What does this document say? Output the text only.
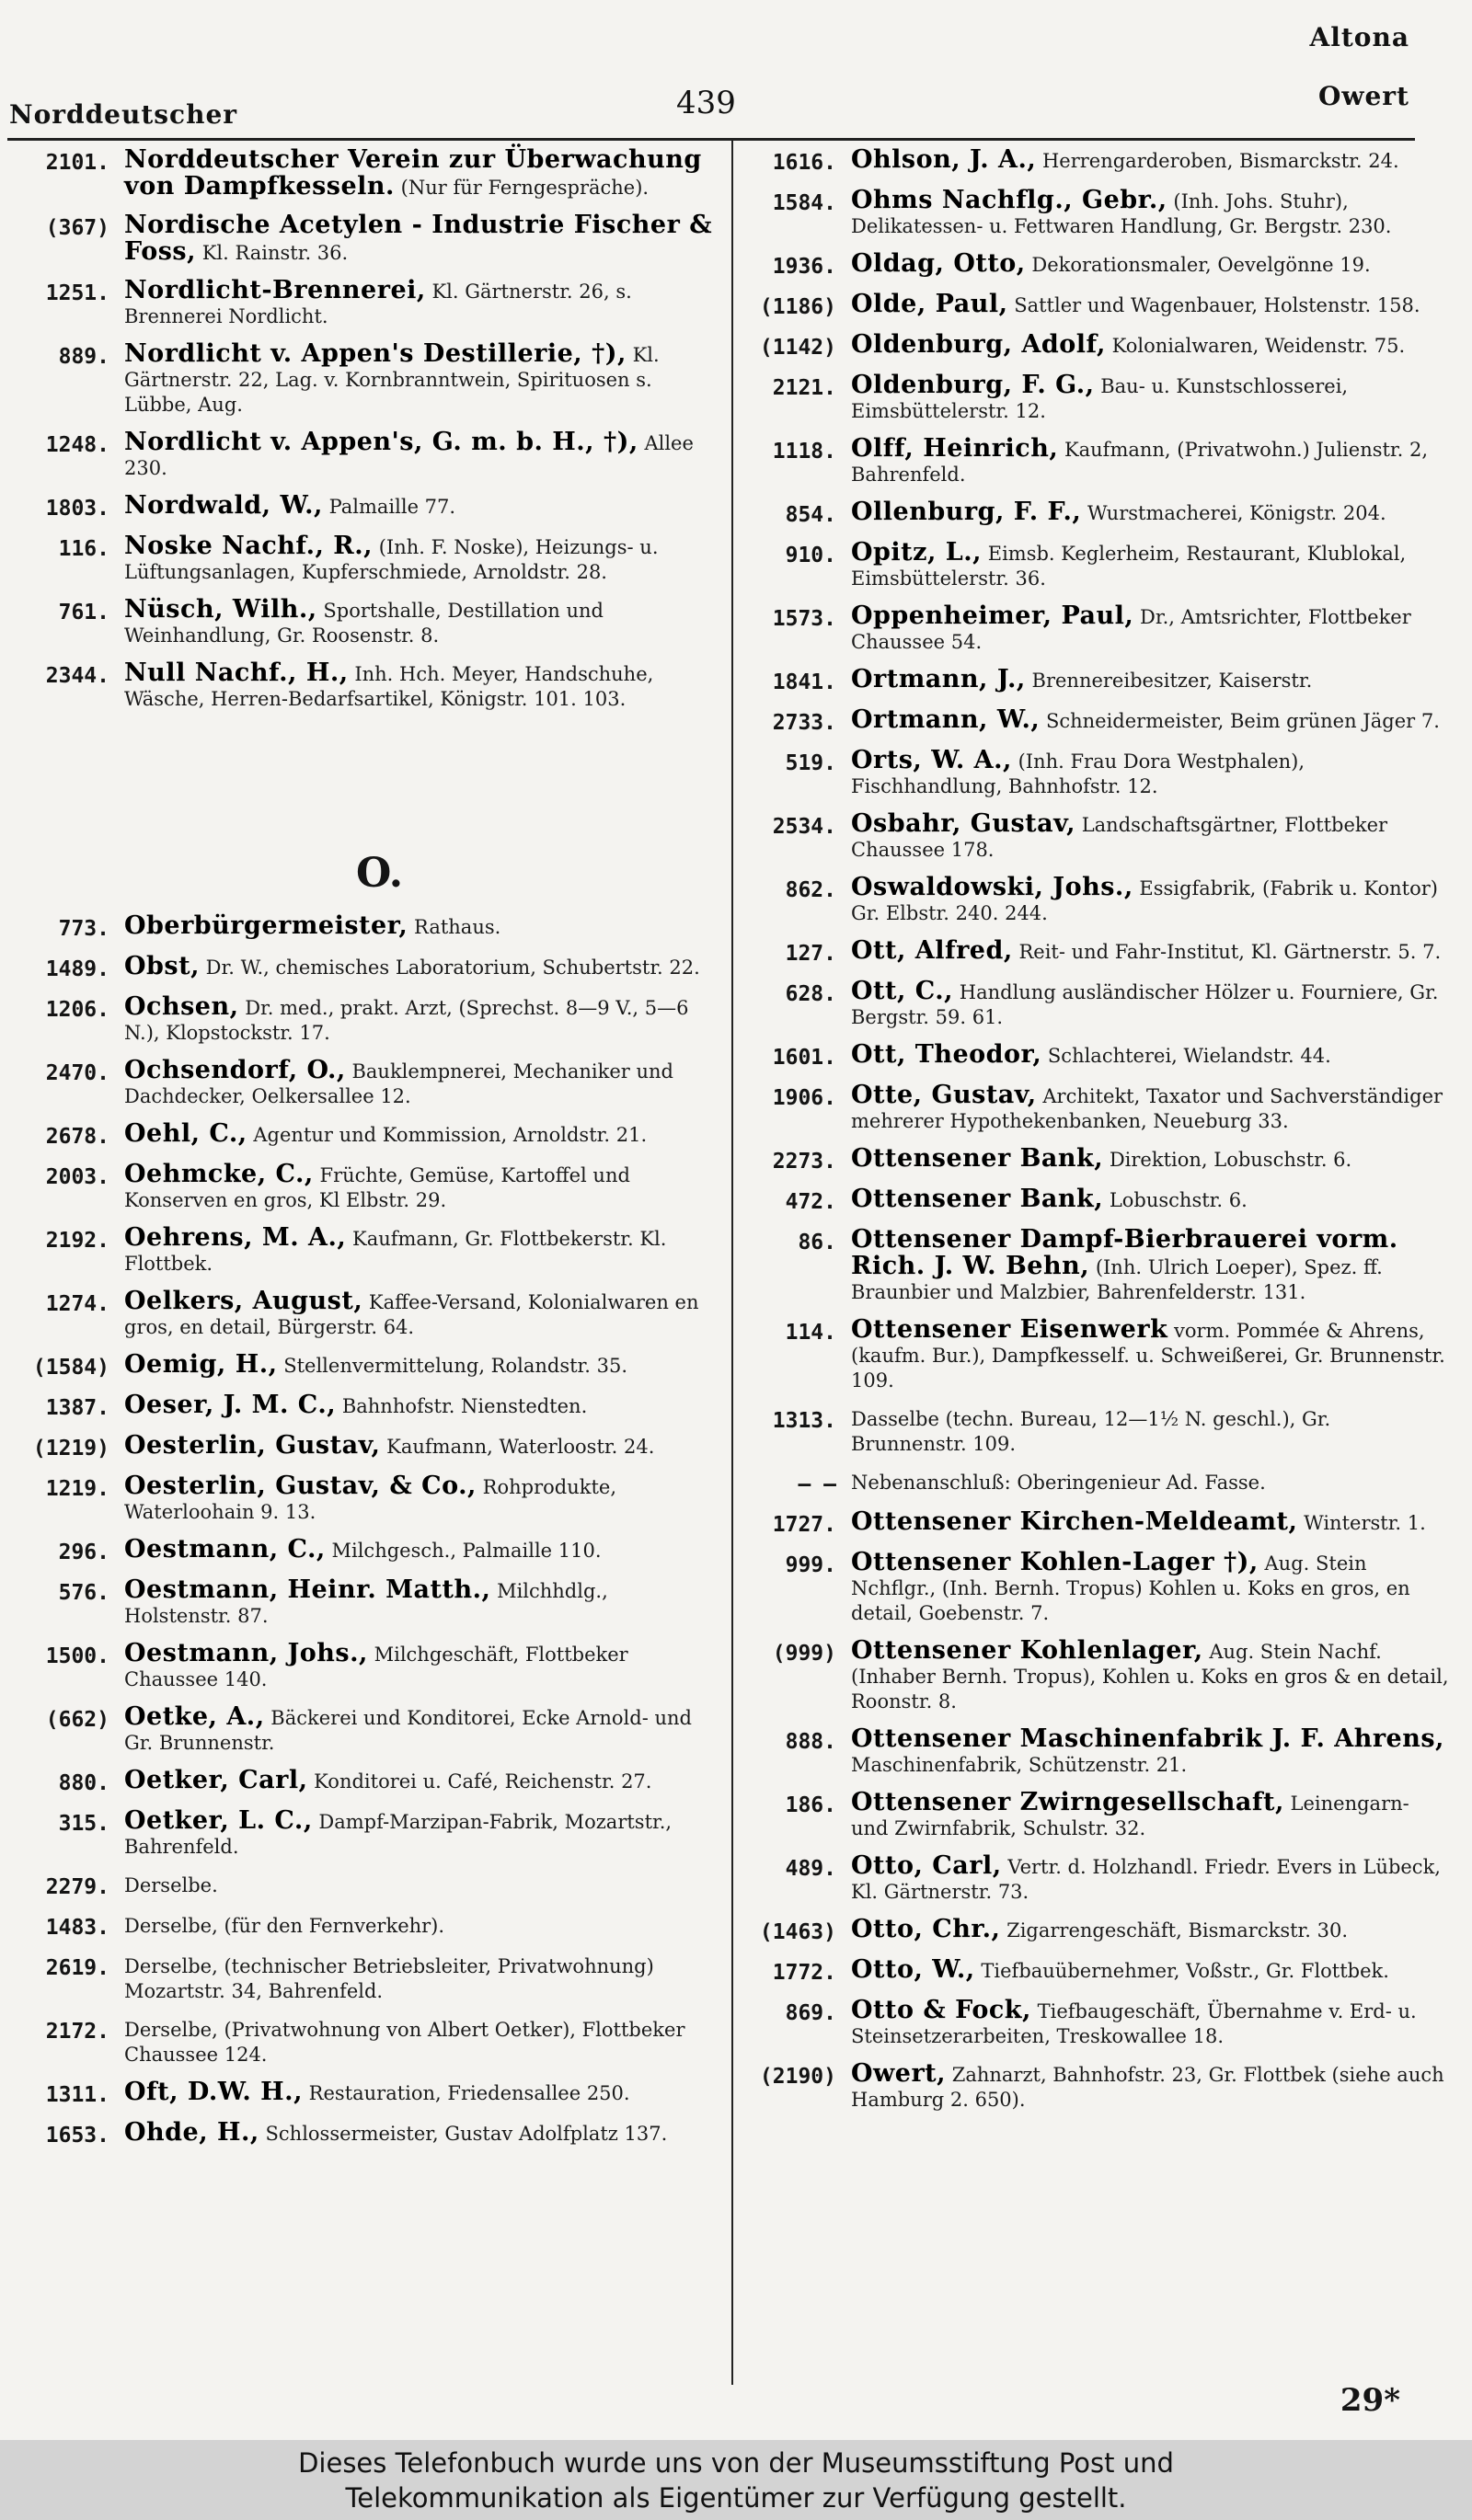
Norddeutscher	439
Altona
Owert
2101. Norddeutscher Verein zur Überwachung von Dampfkesseln. (Nur für Ferngespräche).
(367) Nordische Acetylen - Industrie Fischer & Foss, Kl. Rainstr. 36.
1251. Nordlicht-Brennerei, Kl. Gärtnerstr. 26, s. Brennerei Nordlicht.
889. Nordlicht v. Appen's Destillerie, †), Kl. Gärtnerstr. 22, Lag. v. Kornbranntwein, Spirituosen s. Lübbe, Aug.
1248. Nordlicht v. Appen's, G. m. b. H., †), Allee 230.
1803. Nordwald, W., Palmaille 77.
116. Noske Nachf., R., (Inh. F. Noske), Heizungs- u. Lüftungsanlagen, Kupferschmiede, Arnoldstr. 28.
761. Nüsch, Wilh., Sportshalle, Destillation und Weinhandlung, Gr. Roosenstr. 8.
2344. Null Nachf., H., Inh. Hch. Meyer, Handschuhe, Wäsche, Herren-Bedarfsartikel, Königstr. 101. 103.
O.
773. Oberbürgermeister, Rathaus.
1489. Obst, Dr. W., chemisches Laboratorium, Schubertstr. 22.
1206. Ochsen, Dr. med., prakt. Arzt, (Sprechst. 8—9 V., 5—6 N.), Klopstockstr. 17.
2470. Ochsendorf, O., Bauklempnerei, Mechaniker und Dachdecker, Oelkersallee 12.
2678. Oehl, C., Agentur und Kommission, Arnoldstr. 21.
2003. Oehmcke, C., Früchte, Gemüse, Kartoffel und Konserven en gros, Kl Elbstr. 29.
2192. Oehrens, M. A., Kaufmann, Gr. Flottbekerstr. Kl. Flottbek.
1274. Oelkers, August, Kaffee-Versand, Kolonialwaren en gros, en detail, Bürgerstr. 64.
(1584) Oemig, H., Stellenvermittelung, Rolandstr. 35.
1387. Oeser, J. M. C., Bahnhofstr. Nienstedten.
(1219) Oesterlin, Gustav, Kaufmann, Waterloostr. 24.
1219. Oesterlin, Gustav, & Co., Rohprodukte, Waterloohain 9. 13.
296. Oestmann, C., Milchgesch., Palmaille 110.
576. Oestmann, Heinr. Matth., Milchhdlg., Holstenstr. 87.
1500. Oestmann, Johs., Milchgeschäft, Flottbeker Chaussee 140.
(662) Oetke, A., Bäckerei und Konditorei, Ecke Arnold- und Gr. Brunnenstr.
880. Oetker, Carl, Konditorei u. Café, Reichenstr. 27.
315. Oetker, L. C., Dampf-Marzipan-Fabrik, Mozartstr., Bahrenfeld.
2279. Derselbe.
1483. Derselbe, (für den Fernverkehr).
2619. Derselbe, (technischer Betriebsleiter, Privatwohnung) Mozartstr. 34, Bahrenfeld.
2172. Derselbe, (Privatwohnung von Albert Oetker), Flottbeker Chaussee 124.
1311. Oft, D.W. H., Restauration, Friedensallee 250.
1653. Ohde, H., Schlossermeister, Gustav Adolfplatz 137.
1616. Ohlson, J. A., Herrengarderoben, Bismarckstr. 24.
1584. Ohms Nachflg., Gebr., (Inh. Johs. Stuhr), Delikatessen- u. Fettwaren Handlung, Gr. Bergstr. 230.
1936. Oldag, Otto, Dekorationsmaler, Oevelgönne 19.
(1186) Olde, Paul, Sattler und Wagenbauer, Holstenstr. 158.
(1142) Oldenburg, Adolf, Kolonialwaren, Weidenstr. 75.
2121. Oldenburg, F. G., Bau- u. Kunstschlosserei, Eimsbüttelerstr. 12.
1118. Olff, Heinrich, Kaufmann, (Privatwohn.) Julienstr. 2, Bahrenfeld.
854. Ollenburg, F. F., Wurstmacherei, Königstr. 204.
910. Opitz, L., Eimsb. Keglerheim, Restaurant, Klublokal, Eimsbüttelerstr. 36.
1573. Oppenheimer, Paul, Dr., Amtsrichter, Flottbeker Chaussee 54.
1841. Ortmann, J., Brennereibesitzer, Kaiserstr.
2733. Ortmann, W., Schneidermeister, Beim grünen Jäger 7.
519. Orts, W. A., (Inh. Frau Dora Westphalen), Fischhandlung, Bahnhofstr. 12.
2534. Osbahr, Gustav, Landschaftsgärtner, Flottbeker Chaussee 178.
862. Oswaldowski, Johs., Essigfabrik, (Fabrik u. Kontor) Gr. Elbstr. 240. 244.
127. Ott, Alfred, Reit- und Fahr-Institut, Kl. Gärtnerstr. 5. 7.
628. Ott, C., Handlung ausländischer Hölzer u. Fourniere, Gr. Bergstr. 59. 61.
1601. Ott, Theodor, Schlachterei, Wielandstr. 44.
1906. Otte, Gustav, Architekt, Taxator und Sachverständiger mehrerer Hypothekenbanken, Neueburg 33.
2273. Ottensener Bank, Direktion, Lobuschstr. 6.
472. Ottensener Bank, Lobuschstr. 6.
86. Ottensener Dampf-Bierbrauerei vorm. Rich. J. W. Behn, (Inh. Ulrich Loeper), Spez. ff. Braunbier und Malzbier, Bahrenfelderstr. 131.
114. Ottensener Eisenwerk vorm. Pommée & Ahrens, (kaufm. Bur.), Dampfkesself. u. Schweißerei, Gr. Brunnenstr. 109.
1313. Dasselbe (techn. Bureau, 12—1½ N. geschl.), Gr. Brunnenstr. 109.
— — Nebenanschluß: Oberingenieur Ad. Fasse.
1727. Ottensener Kirchen-Meldeamt, Winterstr. 1.
999. Ottensener Kohlen-Lager †), Aug. Stein Nchflgr., (Inh. Bernh. Tropus) Kohlen u. Koks en gros, en detail, Goebenstr. 7.
(999) Ottensener Kohlenlager, Aug. Stein Nachf. (Inhaber Bernh. Tropus), Kohlen u. Koks en gros & en detail, Roonstr. 8.
888. Ottensener Maschinenfabrik J. F. Ahrens, Maschinenfabrik, Schützenstr. 21.
186. Ottensener Zwirngesellschaft, Leinengarn- und Zwirnfabrik, Schulstr. 32.
489. Otto, Carl, Vertr. d. Holzhandl. Friedr. Evers in Lübeck, Kl. Gärtnerstr. 73.
(1463) Otto, Chr., Zigarrengeschäft, Bismarckstr. 30.
1772. Otto, W., Tiefbauübernehmer, Voßstr., Gr. Flottbek.
869. Otto & Fock, Tiefbaugeschäft, Übernahme v. Erd- u. Steinsetzerarbeiten, Treskowallee 18.
(2190) Owert, Zahnarzt, Bahnhofstr. 23, Gr. Flottbek (siehe auch Hamburg 2. 650).
29*
Dieses Telefonbuch wurde uns von der Museumsstiftung Post und
Telekommunikation als Eigentümer zur Verfügung gestellt.
